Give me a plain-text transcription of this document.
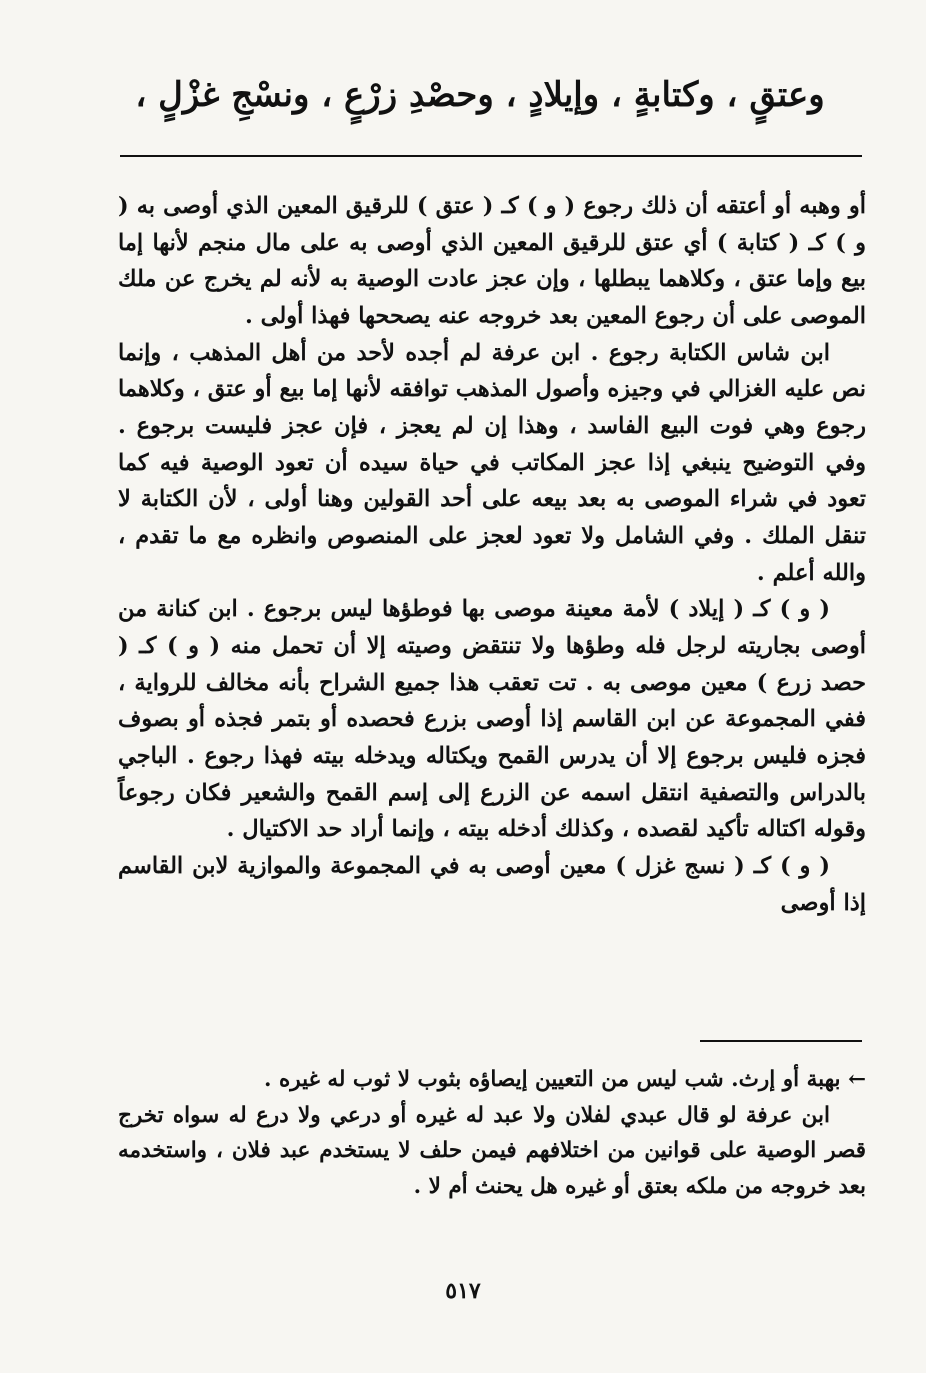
وعتقٍ ، وكتابةٍ ، وإيلادٍ ، وحصْدِ زرْعٍ ، ونسْجِ غزْلٍ ،

أو وهبه أو أعتقه أن ذلك رجوع ( و ) كـ ( عتق ) للرقيق المعين الذي أوصى به ( و ) كـ ( كتابة ) أي عتق للرقيق المعين الذي أوصى به على مال منجم لأنها إما بيع وإما عتق ، وكلاهما يبطلها ، وإن عجز عادت الوصية به لأنه لم يخرج عن ملك الموصى على أن رجوع المعين بعد خروجه عنه يصححها فهذا أولى .

ابن شاس الكتابة رجوع . ابن عرفة لم أجده لأحد من أهل المذهب ، وإنما نص عليه الغزالي في وجيزه وأصول المذهب توافقه لأنها إما بيع أو عتق ، وكلاهما رجوع وهي فوت البيع الفاسد ، وهذا إن لم يعجز ، فإن عجز فليست برجوع . وفي التوضيح ينبغي إذا عجز المكاتب في حياة سيده أن تعود الوصية فيه كما تعود في شراء الموصى به بعد بيعه على أحد القولين وهنا أولى ، لأن الكتابة لا تنقل الملك . وفي الشامل ولا تعود لعجز على المنصوص وانظره مع ما تقدم ، والله أعلم .

( و ) كـ ( إيلاد ) لأمة معينة موصى بها فوطؤها ليس برجوع . ابن كنانة من أوصى بجاريته لرجل فله وطؤها ولا تنتقض وصيته إلا أن تحمل منه ( و ) كـ ( حصد زرع ) معين موصى به . تت تعقب هذا جميع الشراح بأنه مخالف للرواية ، ففي المجموعة عن ابن القاسم إذا أوصى بزرع فحصده أو بتمر فجذه أو بصوف فجزه فليس برجوع إلا أن يدرس القمح ويكتاله ويدخله بيته فهذا رجوع . الباجي بالدراس والتصفية انتقل اسمه عن الزرع إلى إسم القمح والشعير فكان رجوعاً وقوله اكتاله تأكيد لقصده ، وكذلك أدخله بيته ، وإنما أراد حد الاكتيال .

( و ) كـ ( نسج غزل ) معين أوصى به في المجموعة والموازية لابن القاسم إذا أوصى

← بهبة أو إرث. شب ليس من التعيين إيصاؤه بثوب لا ثوب له غيره .

ابن عرفة لو قال عبدي لفلان ولا عبد له غيره أو درعي ولا درع له سواه تخرج قصر الوصية على قوانين من اختلافهم فيمن حلف لا يستخدم عبد فلان ، واستخدمه بعد خروجه من ملكه بعتق أو غيره هل يحنث أم لا .

٥١٧
